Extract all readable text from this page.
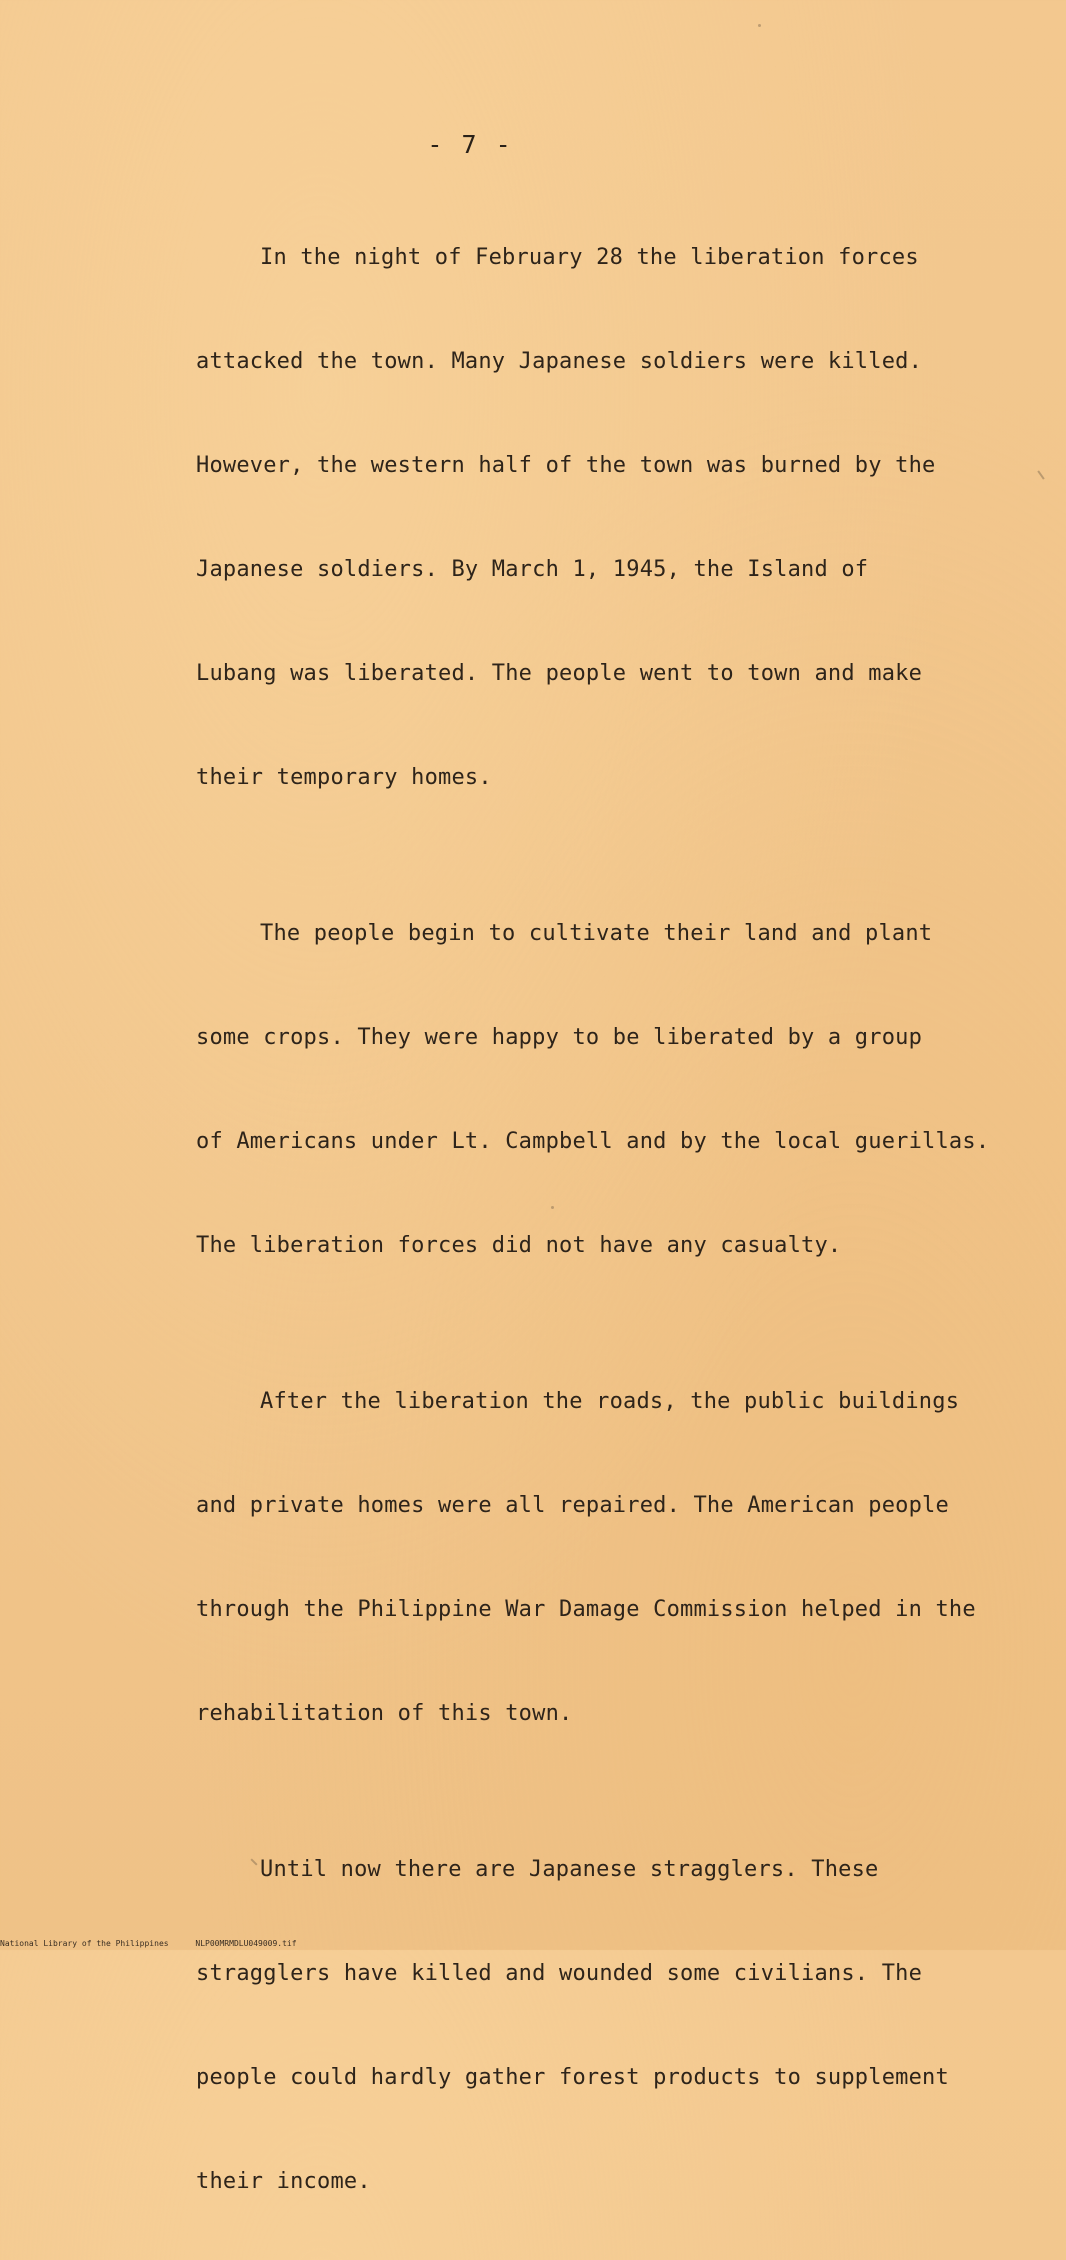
- 7 -

In the night of February 28 the liberation forces

attacked the town. Many Japanese soldiers were killed.

However, the western half of the town was burned by the

Japanese soldiers. By March 1, 1945, the Island of

Lubang was liberated. The people went to town and make

their temporary homes.

The people begin to cultivate their land and plant

some crops. They were happy to be liberated by a group

of Americans under Lt. Campbell and by the local guerillas.

The liberation forces did not have any casualty.

After the liberation the roads, the public buildings

and private homes were all repaired. The American people

through the Philippine War Damage Commission helped in the

rehabilitation of this town.

Until now there are Japanese stragglers. These

stragglers have killed and wounded some civilians. The

people could hardly gather forest products to supplement

their income.

National Library of the Philippines	NLP00MRMDLU049009.tif
